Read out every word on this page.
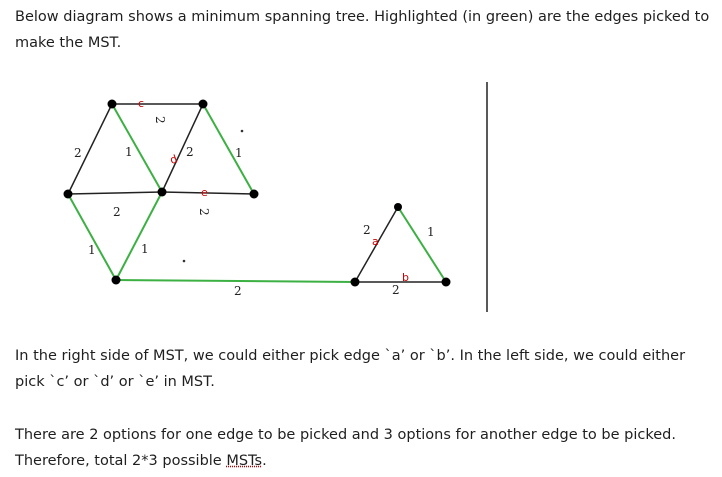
Below diagram shows a minimum spanning tree. Highlighted (in green) are the edges picked to make the MST.

2
2	1	2	1
2	2
1
1
2
2	1
2
c
d
e
a
b

In the right side of MST, we could either pick edge `a’ or `b’. In the left side, we could either pick `c’ or `d’ or `e’ in MST.

There are 2 options for one edge to be picked and 3 options for another edge to be picked. Therefore, total 2*3 possible MSTs.
